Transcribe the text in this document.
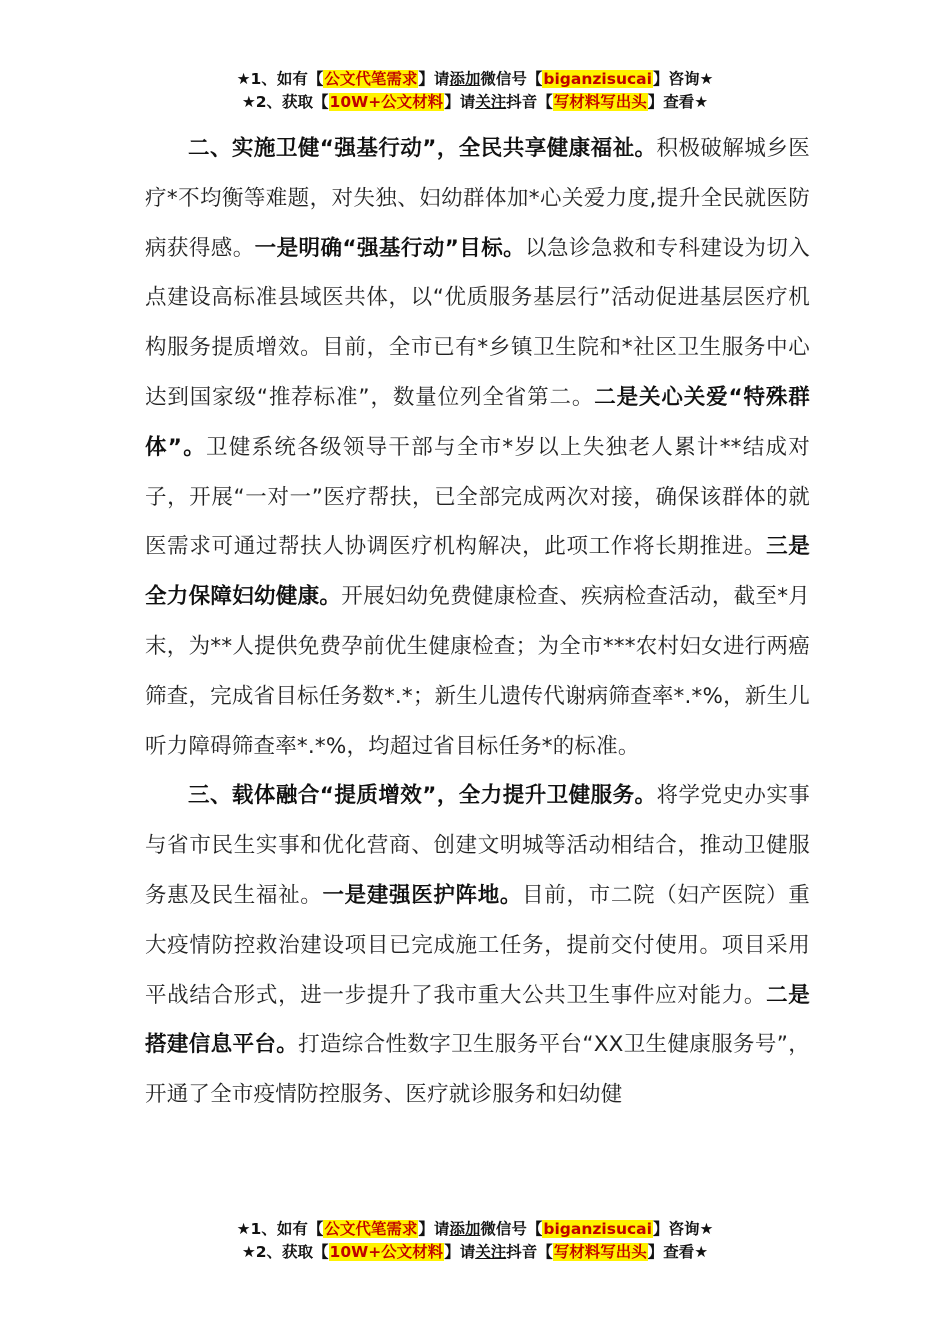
★1、如有【公文代笔需求】请添加微信号【biganzisucai】咨询★
★2、获取【10W+公文材料】请关注抖音【写材料写出头】查看★

二、实施卫健“强基行动”，全民共享健康福祉。积极破解城乡医疗*不均衡等难题，对失独、妇幼群体加*心关爱力度,提升全民就医防病获得感。一是明确“强基行动”目标。以急诊急救和专科建设为切入点建设高标准县域医共体，以“优质服务基层行”活动促进基层医疗机构服务提质增效。目前，全市已有*乡镇卫生院和*社区卫生服务中心达到国家级“推荐标准”，数量位列全省第二。二是关心关爱“特殊群体”。卫健系统各级领导干部与全市*岁以上失独老人累计**结成对子，开展“一对一”医疗帮扶，已全部完成两次对接，确保该群体的就医需求可通过帮扶人协调医疗机构解决，此项工作将长期推进。三是全力保障妇幼健康。开展妇幼免费健康检查、疾病检查活动，截至*月末，为**人提供免费孕前优生健康检查；为全市***农村妇女进行两癌筛查，完成省目标任务数*.*；新生儿遗传代谢病筛查率*.*%，新生儿听力障碍筛查率*.*%，均超过省目标任务*的标准。

三、载体融合“提质增效”，全力提升卫健服务。将学党史办实事与省市民生实事和优化营商、创建文明城等活动相结合，推动卫健服务惠及民生福祉。一是建强医护阵地。目前，市二院（妇产医院）重大疫情防控救治建设项目已完成施工任务，提前交付使用。项目采用平战结合形式，进一步提升了我市重大公共卫生事件应对能力。二是搭建信息平台。打造综合性数字卫生服务平台“XX卫生健康服务号”，开通了全市疫情防控服务、医疗就诊服务和妇幼健

★1、如有【公文代笔需求】请添加微信号【biganzisucai】咨询★
★2、获取【10W+公文材料】请关注抖音【写材料写出头】查看★
